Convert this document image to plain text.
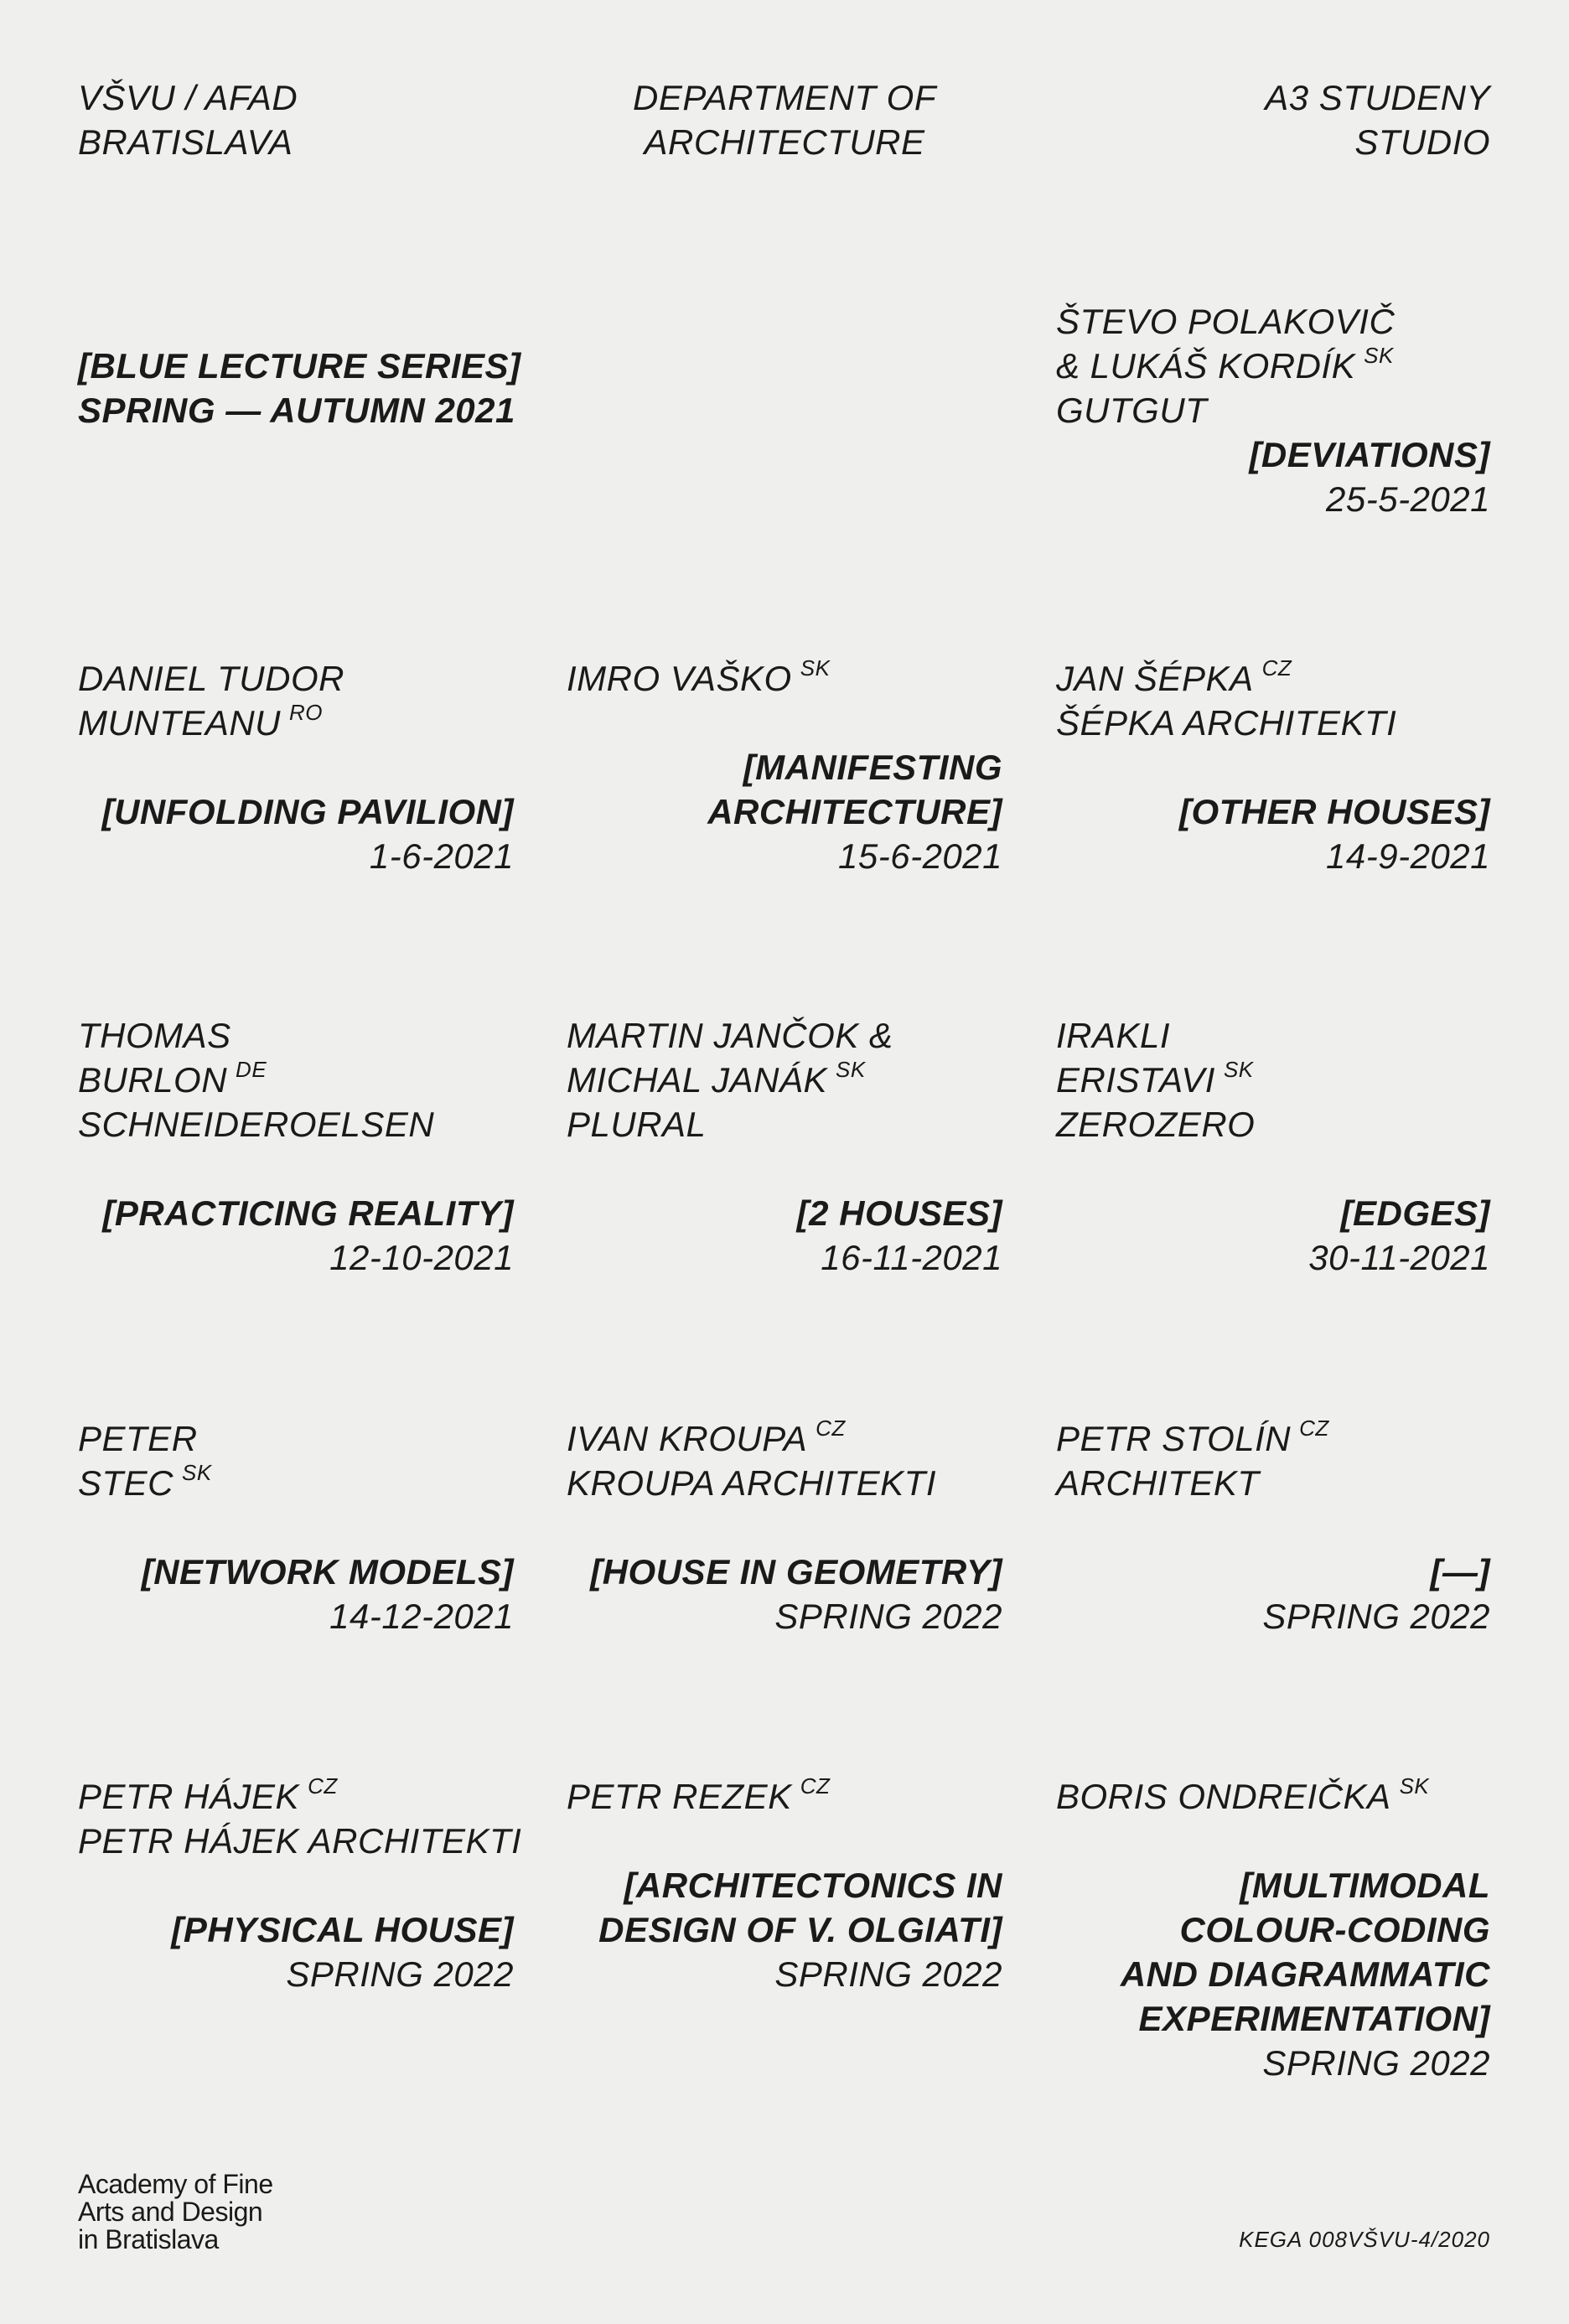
VŠVU / AFAD
BRATISLAVA
DEPARTMENT OF
ARCHITECTURE
A3 STUDENY
STUDIO
[BLUE LECTURE SERIES]
SPRING — AUTUMN 2021
ŠTEVO POLAKOVIČ
& LUKÁŠ KORDÍK $^{SK}$
GUTGUT
[DEVIATIONS]
25-5-2021
DANIEL TUDOR
MUNTEANU $^{RO}$
[UNFOLDING PAVILION]
1-6-2021
IMRO VAŠKO $^{SK}$
[MANIFESTING
ARCHITECTURE]
15-6-2021
JAN ŠÉPKA $^{CZ}$
ŠÉPKA ARCHITEKTI
[OTHER HOUSES]
14-9-2021
THOMAS
BURLON $^{DE}$
SCHNEIDEROELSEN
[PRACTICING REALITY]
12-10-2021
MARTIN JANČOK &
MICHAL JANÁK $^{SK}$
PLURAL
[2 HOUSES]
16-11-2021
IRAKLI
ERISTAVI $^{SK}$
ZEROZERO
[EDGES]
30-11-2021
PETER
STEC $^{SK}$
[NETWORK MODELS]
14-12-2021
IVAN KROUPA $^{CZ}$
KROUPA ARCHITEKTI
[HOUSE IN GEOMETRY]
SPRING 2022
PETR STOLÍN $^{CZ}$
ARCHITEKT
[—]
SPRING 2022
PETR HÁJEK $^{CZ}$
PETR HÁJEK ARCHITEKTI
[PHYSICAL HOUSE]
SPRING 2022
PETR REZEK $^{CZ}$
[ARCHITECTONICS IN
DESIGN OF V. OLGIATI]
SPRING 2022
BORIS ONDREIČKA $^{SK}$
[MULTIMODAL
COLOUR-CODING
AND DIAGRAMMATIC
EXPERIMENTATION]
SPRING 2022
Academy of Fine
Arts and Design
in Bratislava	KEGA 008VŠVU-4/2020
